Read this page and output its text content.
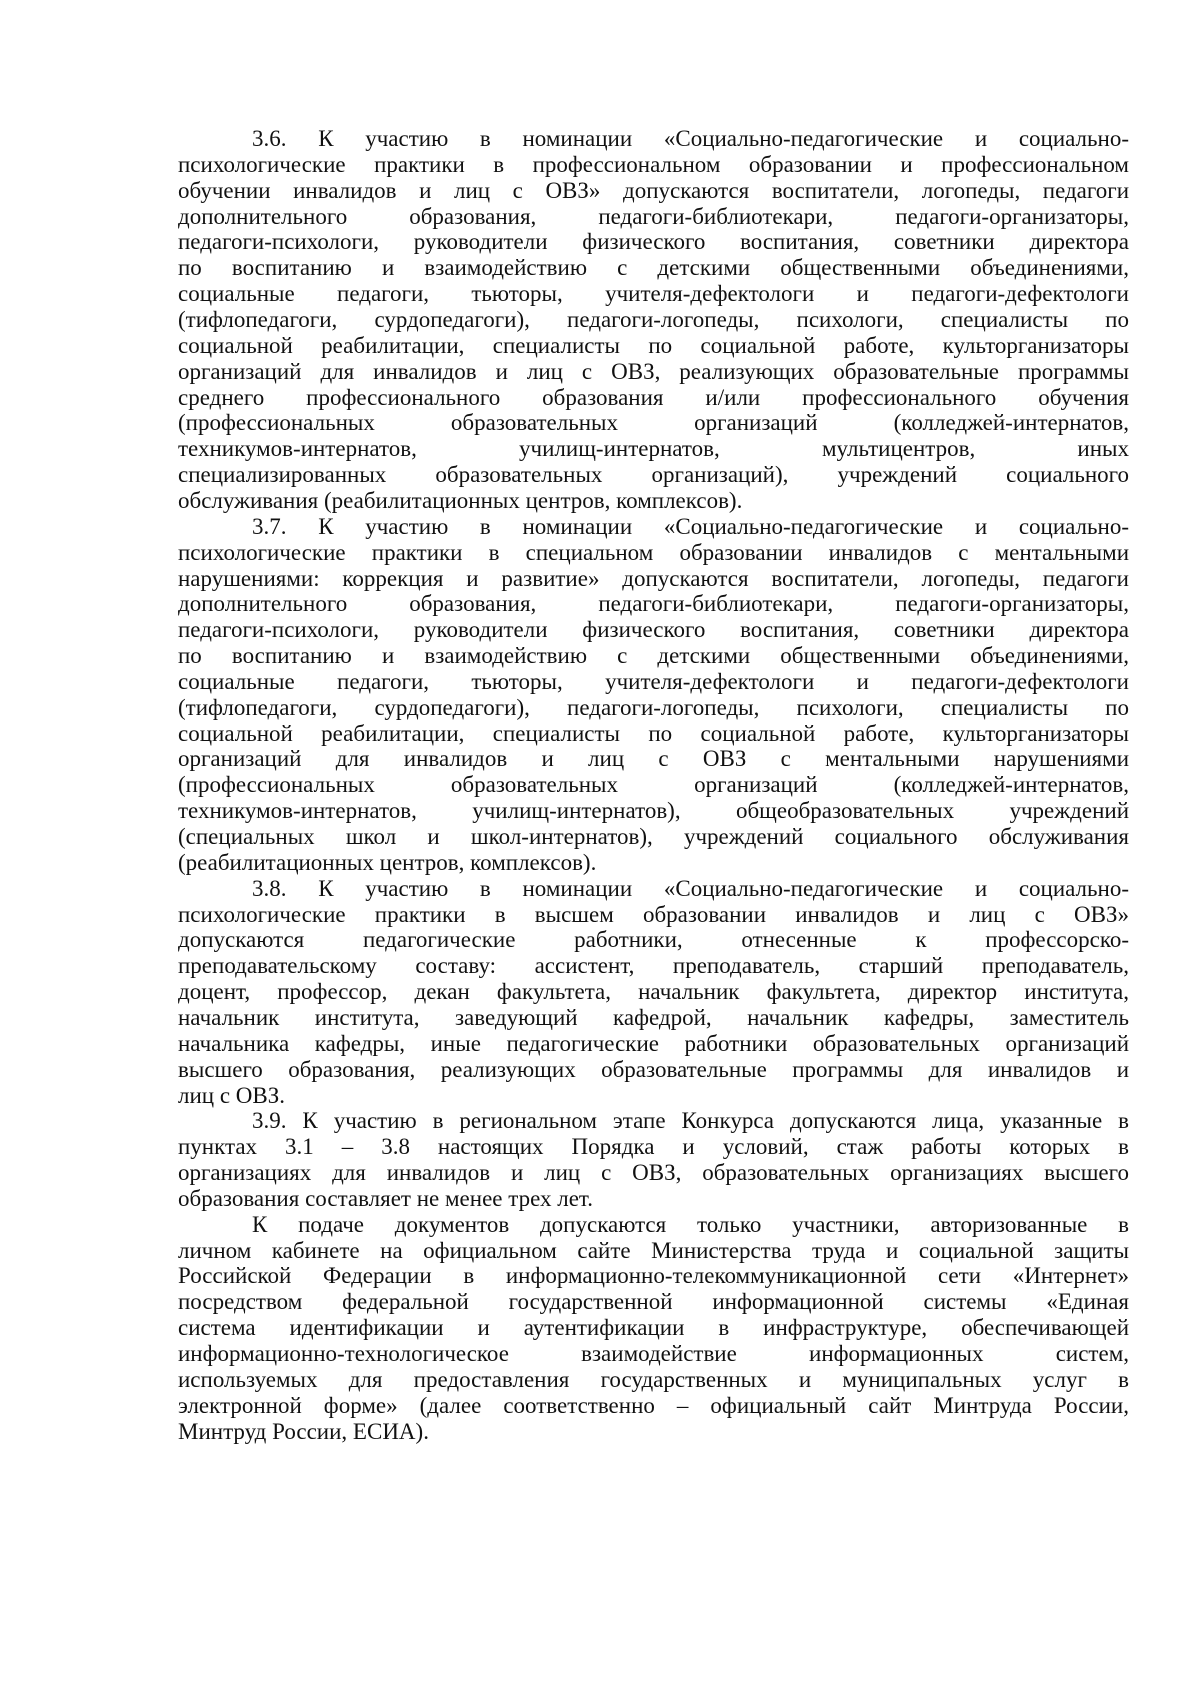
3.6. К участию в номинации «Социально-педагогические и социально-
психологические практики в профессиональном образовании и профессиональном
обучении инвалидов и лиц с ОВЗ» допускаются воспитатели, логопеды, педагоги
дополнительного образования, педагоги-библиотекари, педагоги-организаторы,
педагоги-психологи, руководители физического воспитания, советники директора
по воспитанию и взаимодействию с детскими общественными объединениями,
социальные педагоги, тьюторы, учителя-дефектологи и педагоги-дефектологи
(тифлопедагоги, сурдопедагоги), педагоги-логопеды, психологи, специалисты по
социальной реабилитации, специалисты по социальной работе, культорганизаторы
организаций для инвалидов и лиц с ОВЗ, реализующих образовательные программы
среднего профессионального образования и/или профессионального обучения
(профессиональных образовательных организаций (колледжей-интернатов,
техникумов-интернатов, училищ-интернатов, мультицентров, иных
специализированных образовательных организаций), учреждений социального
обслуживания (реабилитационных центров, комплексов).
3.7. К участию в номинации «Социально-педагогические и социально-
психологические практики в специальном образовании инвалидов с ментальными
нарушениями: коррекция и развитие» допускаются воспитатели, логопеды, педагоги
дополнительного образования, педагоги-библиотекари, педагоги-организаторы,
педагоги-психологи, руководители физического воспитания, советники директора
по воспитанию и взаимодействию с детскими общественными объединениями,
социальные педагоги, тьюторы, учителя-дефектологи и педагоги-дефектологи
(тифлопедагоги, сурдопедагоги), педагоги-логопеды, психологи, специалисты по
социальной реабилитации, специалисты по социальной работе, культорганизаторы
организаций для инвалидов и лиц с ОВЗ с ментальными нарушениями
(профессиональных образовательных организаций (колледжей-интернатов,
техникумов-интернатов, училищ-интернатов), общеобразовательных учреждений
(специальных школ и школ-интернатов), учреждений социального обслуживания
(реабилитационных центров, комплексов).
3.8. К участию в номинации «Социально-педагогические и социально-
психологические практики в высшем образовании инвалидов и лиц с ОВЗ»
допускаются педагогические работники, отнесенные к профессорско-
преподавательскому составу: ассистент, преподаватель, старший преподаватель,
доцент, профессор, декан факультета, начальник факультета, директор института,
начальник института, заведующий кафедрой, начальник кафедры, заместитель
начальника кафедры, иные педагогические работники образовательных организаций
высшего образования, реализующих образовательные программы для инвалидов и
лиц с ОВЗ.
3.9. К участию в региональном этапе Конкурса допускаются лица, указанные в
пунктах 3.1 – 3.8 настоящих Порядка и условий, стаж работы которых в
организациях для инвалидов и лиц с ОВЗ, образовательных организациях высшего
образования составляет не менее трех лет.
К подаче документов допускаются только участники, авторизованные в
личном кабинете на официальном сайте Министерства труда и социальной защиты
Российской Федерации в информационно-телекоммуникационной сети «Интернет»
посредством федеральной государственной информационной системы «Единая
система идентификации и аутентификации в инфраструктуре, обеспечивающей
информационно-технологическое взаимодействие информационных систем,
используемых для предоставления государственных и муниципальных услуг в
электронной форме» (далее соответственно – официальный сайт Минтруда России,
Минтруд России, ЕСИА).
